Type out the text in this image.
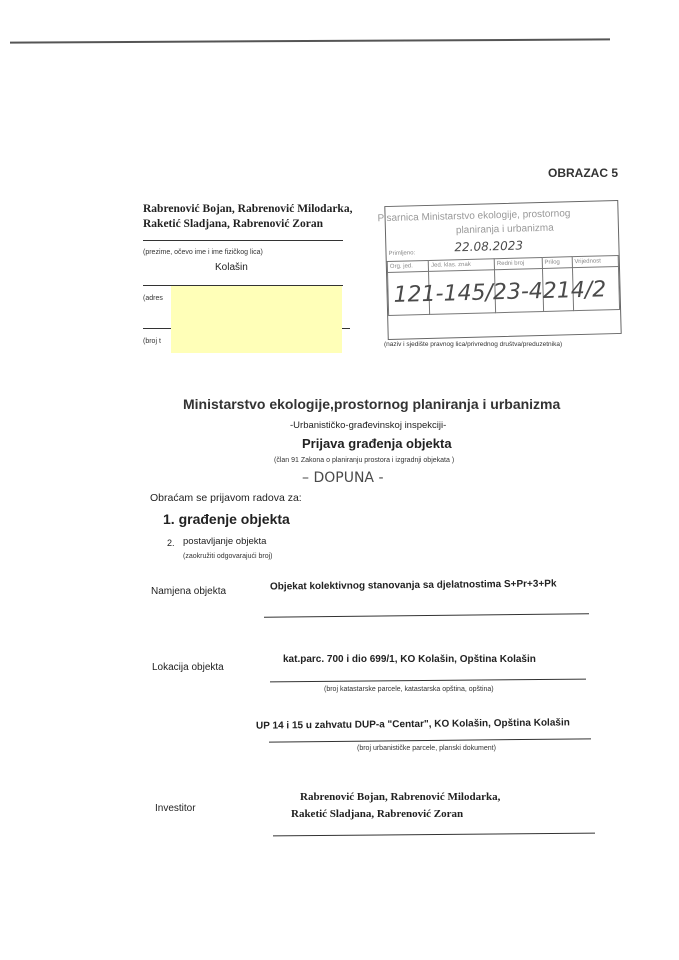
OBRAZAC 5
Rabrenović Bojan, Rabrenović Milodarka,
Raketić Sladjana, Rabrenović Zoran
(prezime, očevo ime i ime fizičkog lica)
Kolašin
(adres
(broj t
Pisarnica Ministarstvo ekologije, prostornog
planiranja i urbanizma
Primljeno:	22.08.2023
Org. jed.	Jed. klas. znak	Redni broj	Prilog	Vrijednost

121-145/23-4214/2
(naziv i sjedište pravnog lica/privrednog društva/preduzetnika)
Ministarstvo ekologije,prostornog planiranja i urbanizma
-Urbanističko-građevinskoj inspekciji-
Prijava građenja objekta
(član 91 Zakona o planiranju prostora i izgradnji objekata )
– DOPUNA -
Obraćam se prijavom radova za:
1. građenje objekta
2. postavljanje objekta
(zaokružiti odgovarajući broj)
Namjena objekta	Objekat kolektivnog stanovanja sa djelatnostima S+Pr+3+Pk
Lokacija objekta
kat.parc. 700 i dio 699/1, KO Kolašin, Opština Kolašin
(broj katastarske parcele, katastarska opština, opština)
UP 14 i 15 u zahvatu DUP-a "Centar", KO Kolašin, Opština Kolašin
(broj urbanističke parcele, planski dokument)
Investitor
Rabrenović Bojan, Rabrenović Milodarka,
Raketić Sladjana, Rabrenović Zoran
